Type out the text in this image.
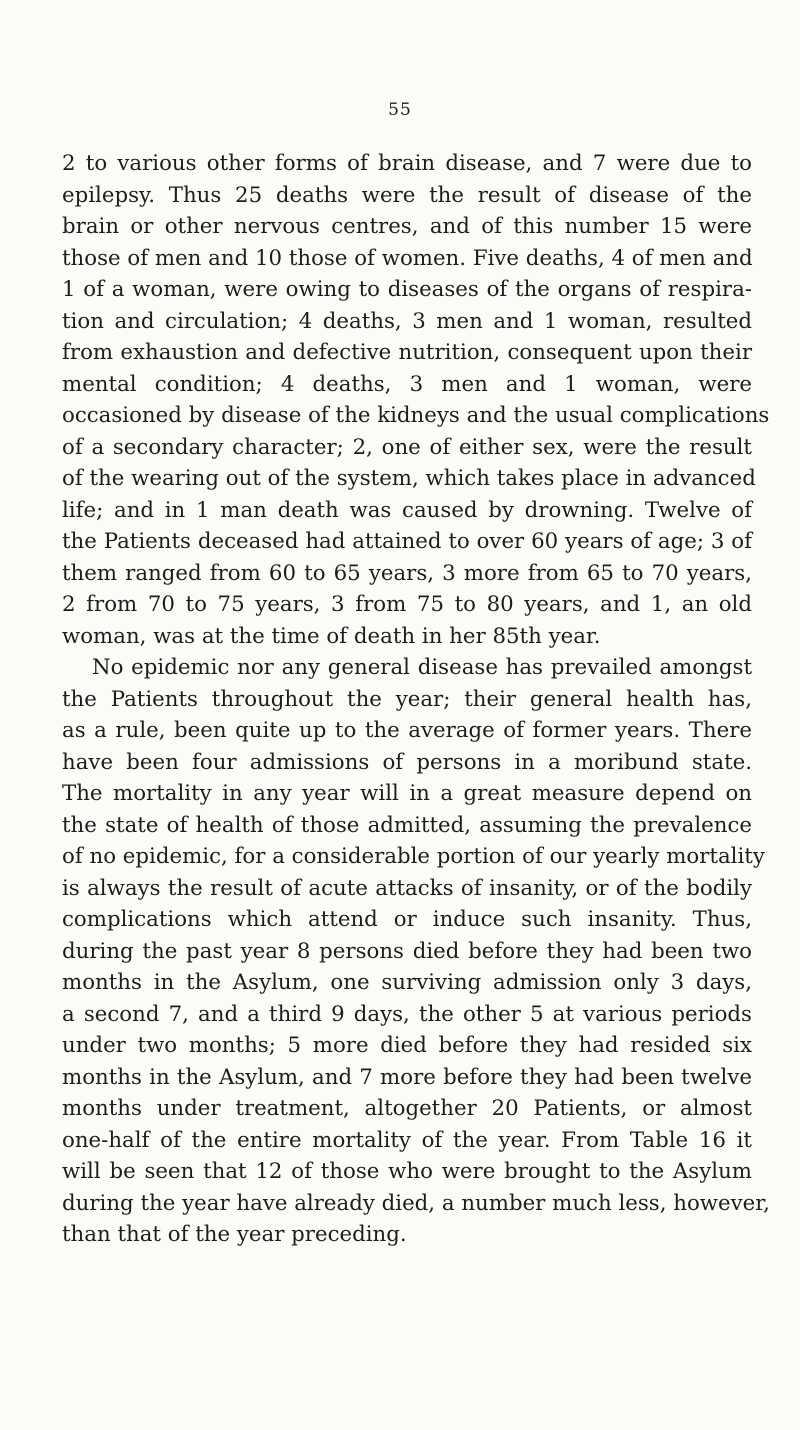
55
2 to various other forms of brain disease, and 7 were due to
epilepsy. Thus 25 deaths were the result of disease of the
brain or other nervous centres, and of this number 15 were
those of men and 10 those of women. Five deaths, 4 of men and
1 of a woman, were owing to diseases of the organs of respira-
tion and circulation; 4 deaths, 3 men and 1 woman, resulted
from exhaustion and defective nutrition, consequent upon their
mental condition; 4 deaths, 3 men and 1 woman, were
occasioned by disease of the kidneys and the usual complications
of a secondary character; 2, one of either sex, were the result
of the wearing out of the system, which takes place in advanced
life; and in 1 man death was caused by drowning. Twelve of
the Patients deceased had attained to over 60 years of age; 3 of
them ranged from 60 to 65 years, 3 more from 65 to 70 years,
2 from 70 to 75 years, 3 from 75 to 80 years, and 1, an old
woman, was at the time of death in her 85th year.
No epidemic nor any general disease has prevailed amongst
the Patients throughout the year; their general health has,
as a rule, been quite up to the average of former years. There
have been four admissions of persons in a moribund state.
The mortality in any year will in a great measure depend on
the state of health of those admitted, assuming the prevalence
of no epidemic, for a considerable portion of our yearly mortality
is always the result of acute attacks of insanity, or of the bodily
complications which attend or induce such insanity. Thus,
during the past year 8 persons died before they had been two
months in the Asylum, one surviving admission only 3 days,
a second 7, and a third 9 days, the other 5 at various periods
under two months; 5 more died before they had resided six
months in the Asylum, and 7 more before they had been twelve
months under treatment, altogether 20 Patients, or almost
one-half of the entire mortality of the year. From Table 16 it
will be seen that 12 of those who were brought to the Asylum
during the year have already died, a number much less, however,
than that of the year preceding.
